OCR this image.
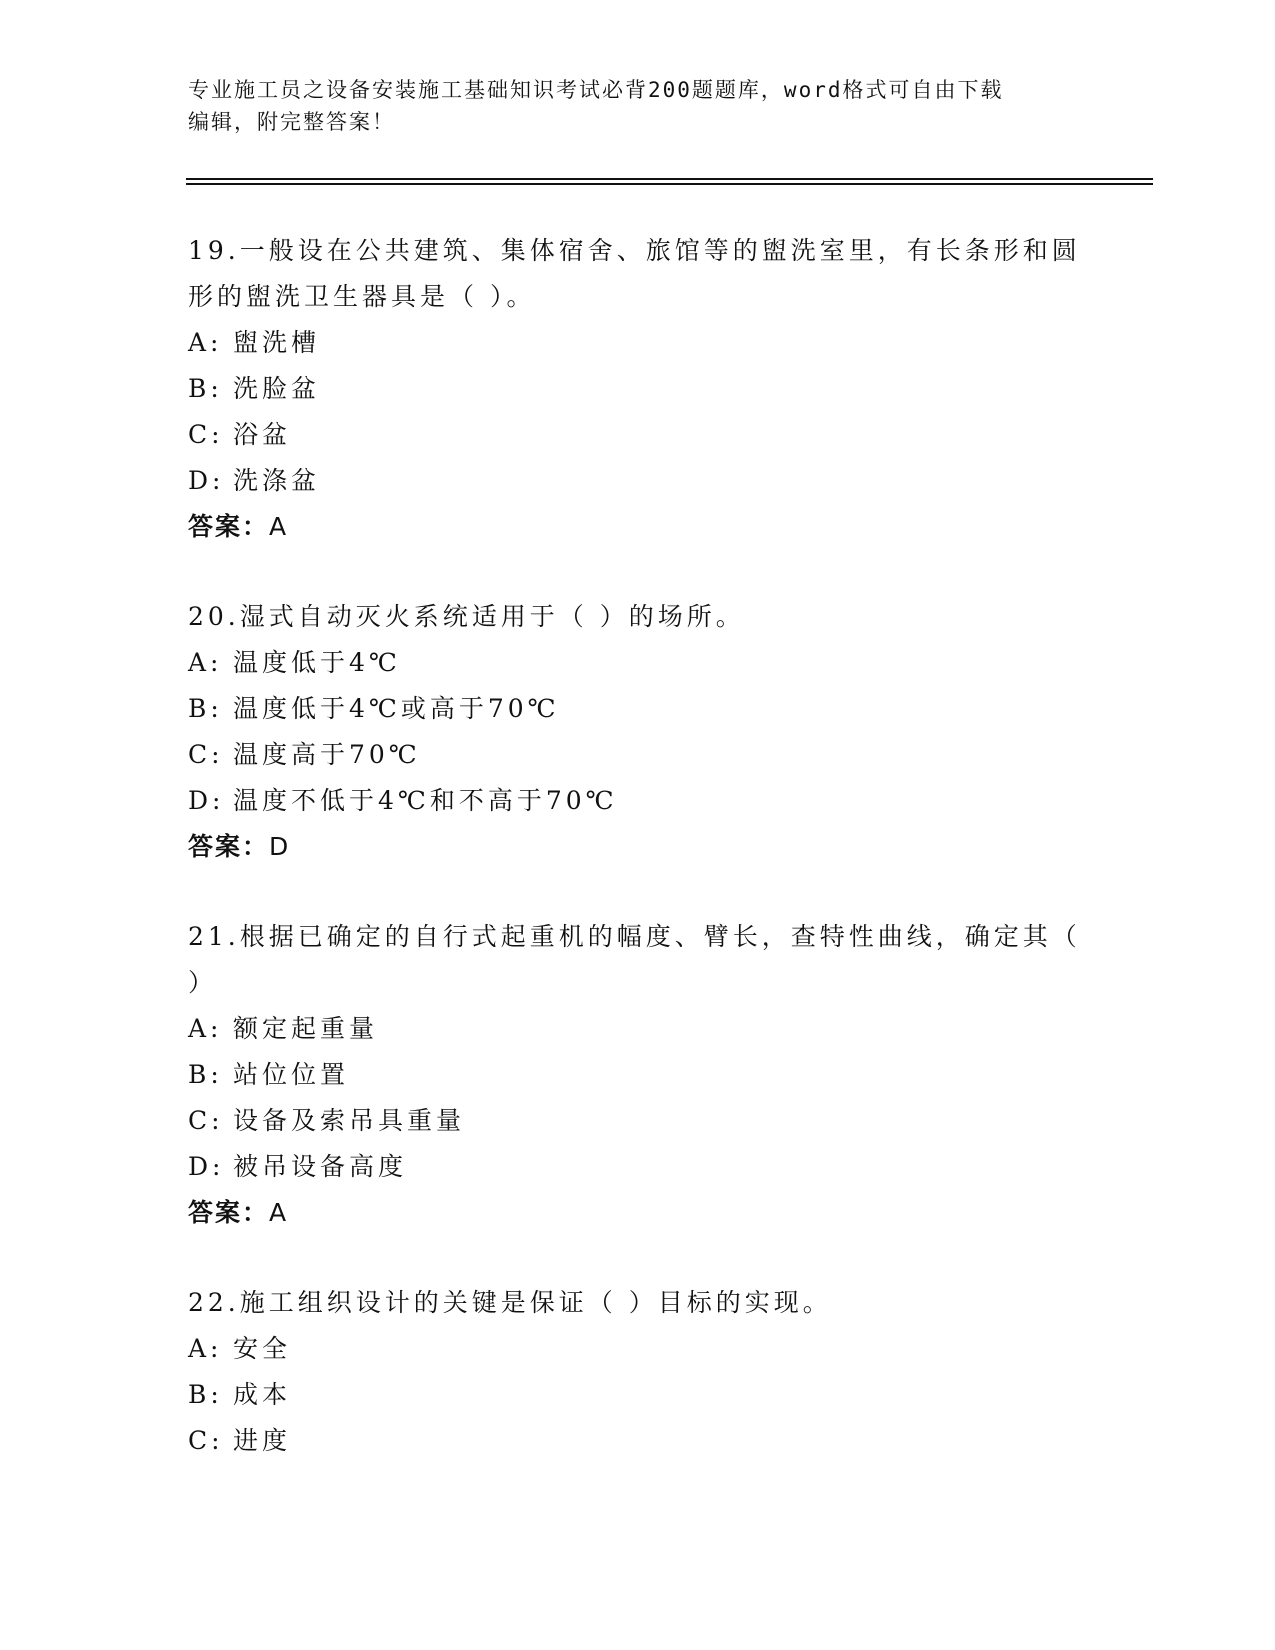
专业施工员之设备安装施工基础知识考试必背200题题库，word格式可自由下载
编辑，附完整答案！
19.一般设在公共建筑、集体宿舍、旅馆等的盥洗室里，有长条形和圆
形的盥洗卫生器具是（ ）。
A: 盥洗槽
B: 洗脸盆
C: 浴盆
D: 洗涤盆
答案：A
20.湿式自动灭火系统适用于（ ）的场所。
A: 温度低于4℃
B: 温度低于4℃或高于70℃
C: 温度高于70℃
D: 温度不低于4℃和不高于70℃
答案：D
21.根据已确定的自行式起重机的幅度、臂长，查特性曲线，确定其（
）
A: 额定起重量
B: 站位位置
C: 设备及索吊具重量
D: 被吊设备高度
答案：A
22.施工组织设计的关键是保证（ ）目标的实现。
A: 安全
B: 成本
C: 进度
